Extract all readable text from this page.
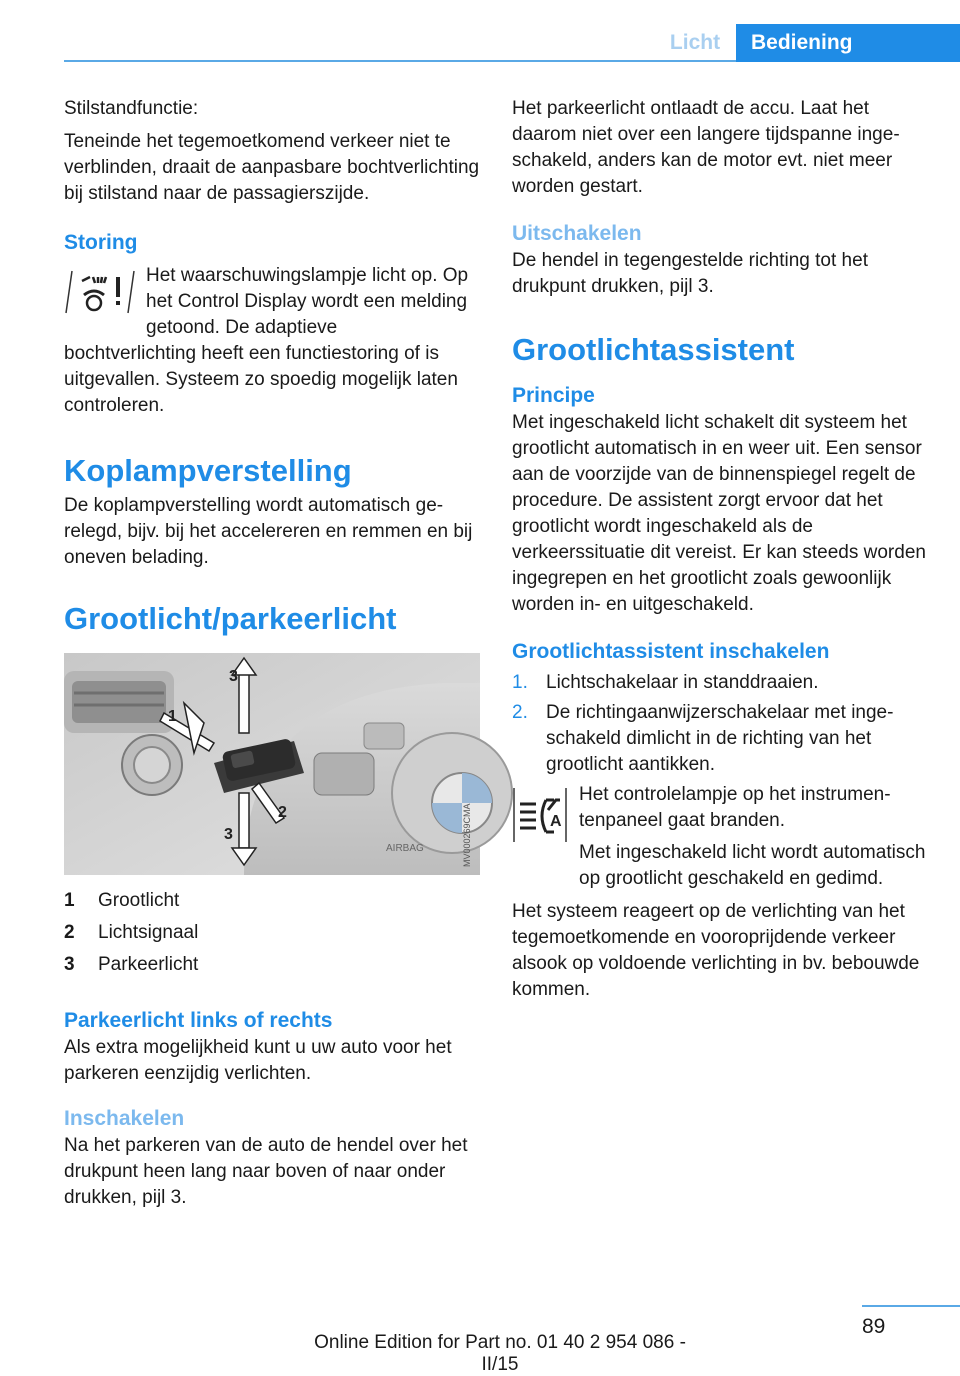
Licht	Bediening

Stilstandfunctie:

Teneinde het tegemoetkomend verkeer niet te verblinden, draait de aanpasbare bochtverlichting bij stilstand naar de passagierszijde.

Storing

Het waarschuwingslampje licht op. Op het Control Display wordt een melding getoond. De adaptieve

bochtverlichting heeft een functiestoring of is uitgevallen. Systeem zo spoedig mogelijk laten controleren.

Koplampverstelling

De koplampverstelling wordt automatisch gerelegd, bijv. bij het accelereren en remmen en bij oneven belading.

Grootlicht/parkeerlicht
1
3
2
3
AIRBAG	MV000269CMA
1	Grootlicht
2	Lichtsignaal
3	Parkeerlicht
Parkeerlicht links of rechts

Als extra mogelijkheid kunt u uw auto voor het parkeren eenzijdig verlichten.

Inschakelen

Na het parkeren van de auto de hendel over het drukpunt heen lang naar boven of naar onder drukken, pijl 3.

Het parkeerlicht ontlaadt de accu. Laat het daarom niet over een langere tijdspanne ingeschakeld, anders kan de motor evt. niet meer worden gestart.

Uitschakelen

De hendel in tegengestelde richting tot het drukpunt drukken, pijl 3.

Grootlichtassistent
Principe

Met ingeschakeld licht schakelt dit systeem het grootlicht automatisch in en weer uit. Een sensor aan de voorzijde van de binnenspiegel regelt de procedure. De assistent zorgt ervoor dat het grootlicht wordt ingeschakeld als de verkeerssituatie dit vereist. Er kan steeds worden ingegrepen en het grootlicht zoals gewoonlijk worden in- en uitgeschakeld.

Grootlichtassistent inschakelen
1. Lichtschakelaar in standdraaien.
2. De richtingaanwijzerschakelaar met ingeschakeld dimlicht in de richting van het grootlicht aantikken.
A

Het controlelampje op het instrumentenpaneel gaat branden.

Met ingeschakeld licht wordt automatisch op grootlicht geschakeld en gedimd.

Het systeem reageert op de verlichting van het tegemoetkomende en vooroprijdende verkeer alsook op voldoende verlichting in bv. bebouwde kommen.

89
Online Edition for Part no. 01 40 2 954 086 - II/15
